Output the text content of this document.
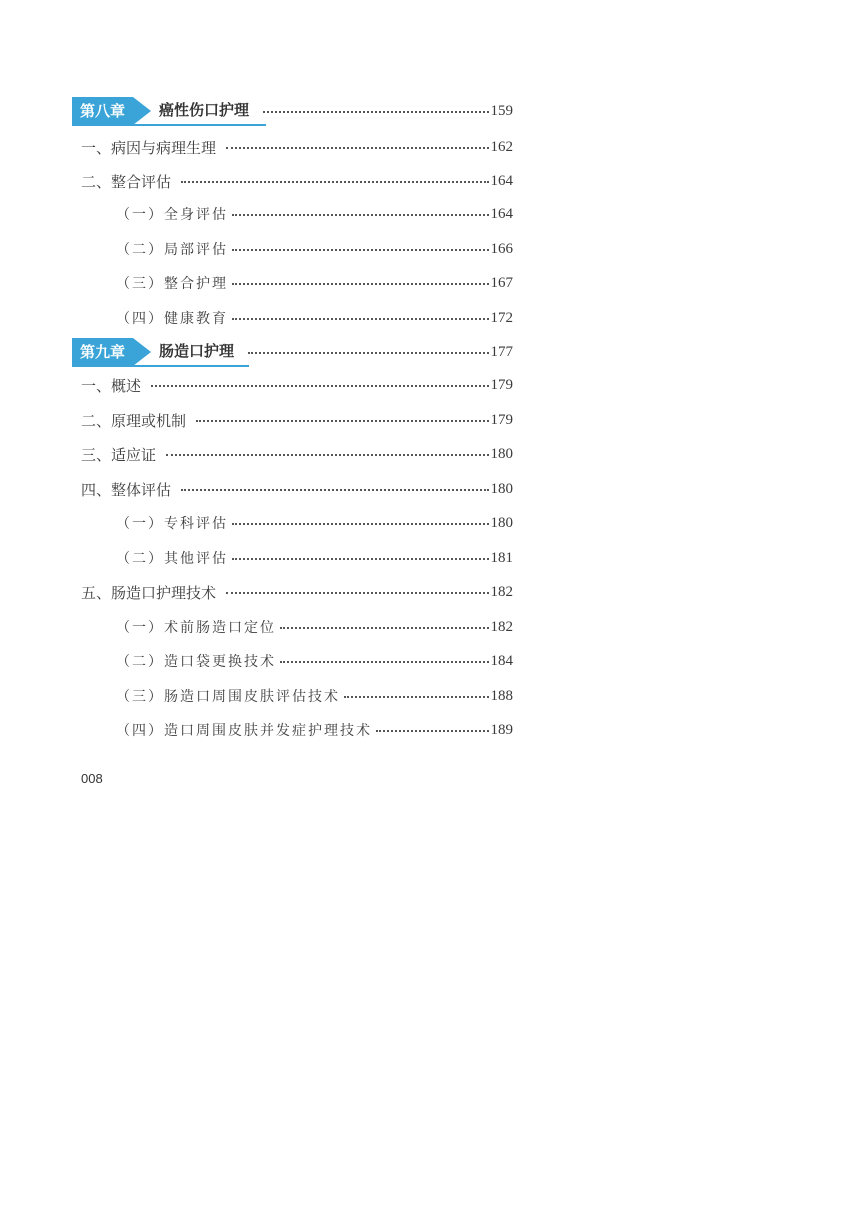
第八章	癌性伤口护理	159
一、病因与病理生理	162
二、整合评估	164
（一）全身评估	164
（二）局部评估	166
（三）整合护理	167
（四）健康教育	172
第九章	肠造口护理	177
一、概述	179
二、原理或机制	179
三、适应证	180
四、整体评估	180
（一）专科评估	180
（二）其他评估	181
五、肠造口护理技术	182
（一）术前肠造口定位	182
（二）造口袋更换技术	184
（三）肠造口周围皮肤评估技术	188
（四）造口周围皮肤并发症护理技术	189
008
